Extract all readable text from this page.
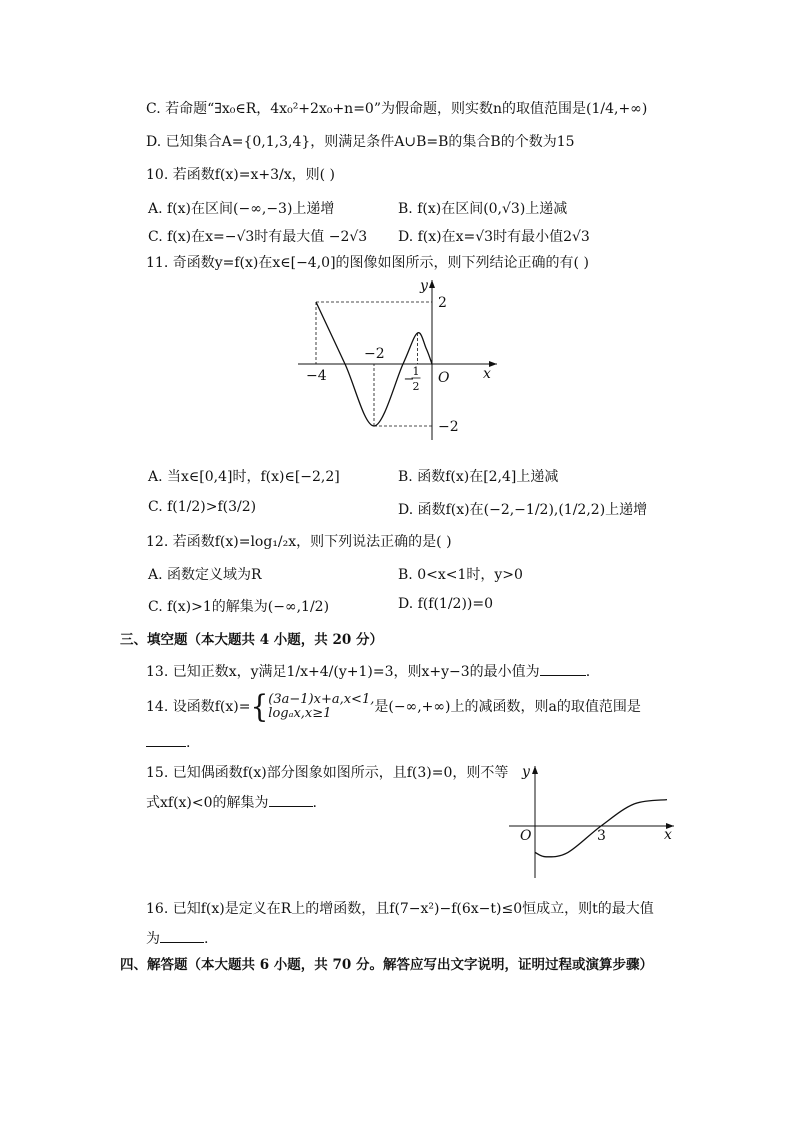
C. 若命题“∃x₀∈R，4x₀²+2x₀+n=0”为假命题，则实数n的取值范围是(1/4,+∞)
D. 已知集合A={0,1,3,4}，则满足条件A∪B=B的集合B的个数为15
10. 若函数f(x)=x+3/x，则( )
A. f(x)在区间(−∞,−3)上递增	B. f(x)在区间(0,√3)上递减
C. f(x)在x=−√3时有最大值 −2√3 D. f(x)在x=√3时有最小值2√3
11. 奇函数y=f(x)在x∈[−4,0]的图像如图所示，则下列结论正确的有( )
−4
−2
−
1
2
O
2
−2
x
y
A. 当x∈[0,4]时，f(x)∈[−2,2]	B. 函数f(x)在[2,4]上递减
C. f(1/2)>f(3/2)	D. 函数f(x)在(−2,−1/2),(1/2,2)上递增
12. 若函数f(x)=log₁/₂x，则下列说法正确的是( )
A. 函数定义域为R	B. 0<x<1时，y>0
C. f(x)>1的解集为(−∞,1/2)	D. f(f(1/2))=0
三、填空题（本大题共 4 小题，共 20 分）
13. 已知正数x，y满足1/x+4/(y+1)=3，则x+y−3的最小值为	.
14. 设函数f(x)={ (3a−1)x+a,x<1,
logₐx,x≥1	是(−∞,+∞)上的减函数，则a的取值范围是
.
15. 已知偶函数f(x)部分图象如图所示，且f(3)=0，则不等
式xf(x)<0的解集为	.
O	3	x
y
16. 已知f(x)是定义在R上的增函数，且f(7−x²)−f(6x−t)≤0恒成立，则t的最大值
为	.
四、解答题（本大题共 6 小题，共 70 分。解答应写出文字说明，证明过程或演算步骤）
